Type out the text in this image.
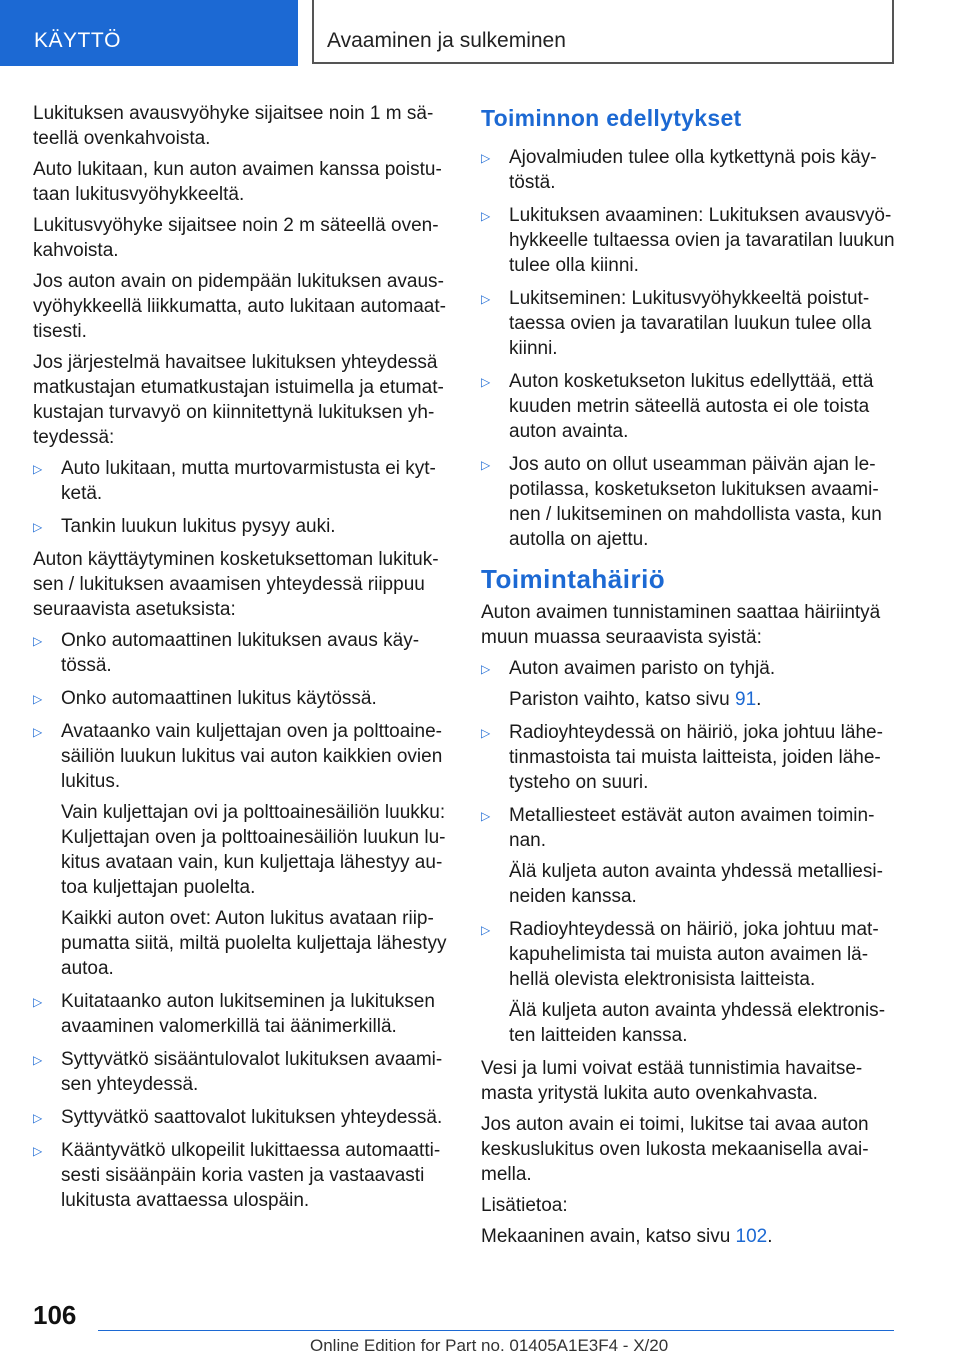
KÄYTTÖ	Avaaminen ja sulkeminen

Lukituksen avausvyöhyke sijaitsee noin 1 m säteellä ovenkahvoista.

Auto lukitaan, kun auton avaimen kanssa poistutaan lukitusvyöhykkeeltä.

Lukitusvyöhyke sijaitsee noin 2 m säteellä ovenkahvoista.

Jos auton avain on pidempään lukituksen avausvyöhykkeellä liikkumatta, auto lukitaan automaattisesti.

Jos järjestelmä havaitsee lukituksen yhteydessä matkustajan etumatkustajan istuimella ja etumatkustajan turvavyö on kiinnitettynä lukituksen yhteydessä:

▷ Auto lukitaan, mutta murtovarmistusta ei kytketä.

▷ Tankin luukun lukitus pysyy auki.

Auton käyttäytyminen kosketuksettoman lukituksen / lukituksen avaamisen yhteydessä riippuu seuraavista asetuksista:

▷ Onko automaattinen lukituksen avaus käytössä.

▷ Onko automaattinen lukitus käytössä.

▷ Avataanko vain kuljettajan oven ja polttoainesäiliön luukun lukitus vai auton kaikkien ovien lukitus.

Vain kuljettajan ovi ja polttoainesäiliön luukku: Kuljettajan oven ja polttoainesäiliön luukun lukitus avataan vain, kun kuljettaja lähestyy autoa kuljettajan puolelta.

Kaikki auton ovet: Auton lukitus avataan riippumatta siitä, miltä puolelta kuljettaja lähestyy autoa.

▷ Kuitataanko auton lukitseminen ja lukituksen avaaminen valomerkillä tai äänimerkillä.

▷ Syttyvätkö sisääntulovalot lukituksen avaamisen yhteydessä.

▷ Syttyvätkö saattovalot lukituksen yhteydessä.

▷ Kääntyvätkö ulkopeilit lukittaessa automaattisesti sisäänpäin koria vasten ja vastaavasti lukitusta avattaessa ulospäin.

Toiminnon edellytykset
▷ Ajovalmiuden tulee olla kytkettynä pois käytöstä.

▷ Lukituksen avaaminen: Lukituksen avausvyöhykkeelle tultaessa ovien ja tavaratilan luukun tulee olla kiinni.

▷ Lukitseminen: Lukitusvyöhykkeeltä poistuttaessa ovien ja tavaratilan luukun tulee olla kiinni.

▷ Auton kosketukseton lukitus edellyttää, että kuuden metrin säteellä autosta ei ole toista auton avainta.

▷ Jos auto on ollut useamman päivän ajan lepotilassa, kosketukseton lukituksen avaaminen / lukitseminen on mahdollista vasta, kun autolla on ajettu.

Toimintahäiriö

Auton avaimen tunnistaminen saattaa häiriintyä muun muassa seuraavista syistä:

▷ Auton avaimen paristo on tyhjä.

Pariston vaihto, katso sivu 91.

▷ Radioyhteydessä on häiriö, joka johtuu lähetinmastoista tai muista laitteista, joiden lähetysteho on suuri.

▷ Metalliesteet estävät auton avaimen toiminnan.

Älä kuljeta auton avainta yhdessä metalliesineiden kanssa.

▷ Radioyhteydessä on häiriö, joka johtuu matkapuhelimista tai muista auton avaimen lähellä olevista elektronisista laitteista.

Älä kuljeta auton avainta yhdessä elektronisten laitteiden kanssa.

Vesi ja lumi voivat estää tunnistimia havaitsemasta yritystä lukita auto ovenkahvasta.

Jos auton avain ei toimi, lukitse tai avaa auton keskuslukitus oven lukosta mekaanisella avaimella.

Lisätietoa:

Mekaaninen avain, katso sivu 102.

106
Online Edition for Part no. 01405A1E3F4 - X/20
